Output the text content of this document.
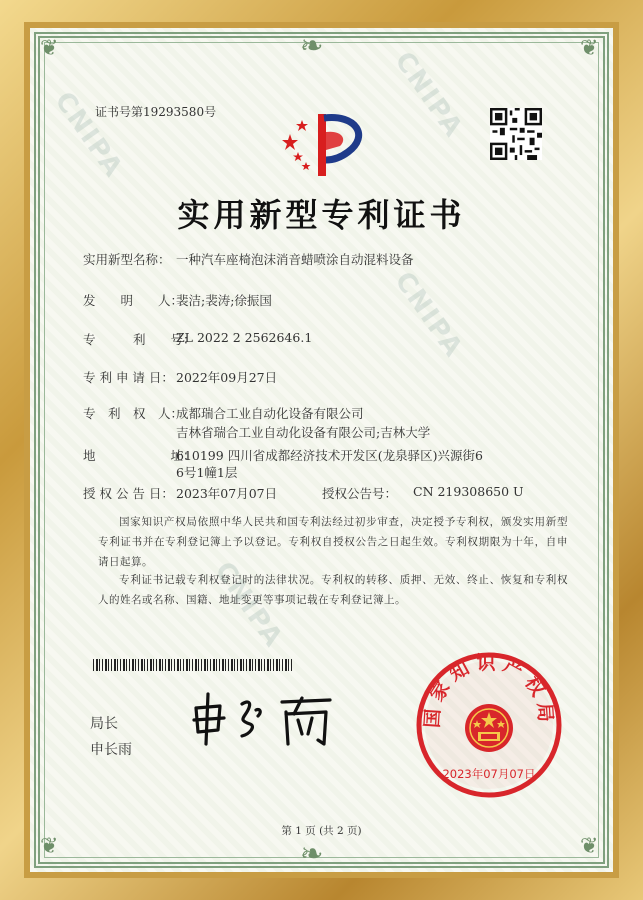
❦	❦
❦	❦
❧
❧
CNIPA
CNIPA
CNIPA
CNIPA
证书号第19293580号
实用新型专利证书
实用新型名称： 一种汽车座椅泡沫消音蜡喷涂自动混料设备
发　　明　　人：
裴洁;裴涛;徐振国
专　　　利　　号：
ZL 2022 2 2562646.1
专 利 申 请 日： 2022年09月27日
专　利　权　人：
成都瑞合工业自动化设备有限公司
吉林省瑞合工业自动化设备有限公司;吉林大学
地　　　　　　址：
610199 四川省成都经济技术开发区(龙泉驿区)兴源街6
6号1幢1层
授 权 公 告 日： 2023年07月07日	授权公告号： CN 219308650 U
国家知识产权局依照中华人民共和国专利法经过初步审查，决定授予专利权，颁发实用新型专利证书并在专利登记簿上予以登记。专利权自授权公告之日起生效。专利权期限为十年，自申请日起算。
专利证书记载专利权登记时的法律状况。专利权的转移、质押、无效、终止、恢复和专利权人的姓名或名称、国籍、地址变更等事项记载在专利登记簿上。
局长
申长雨
国家知识产权局
2023年07月07日
第 1 页 (共 2 页)
